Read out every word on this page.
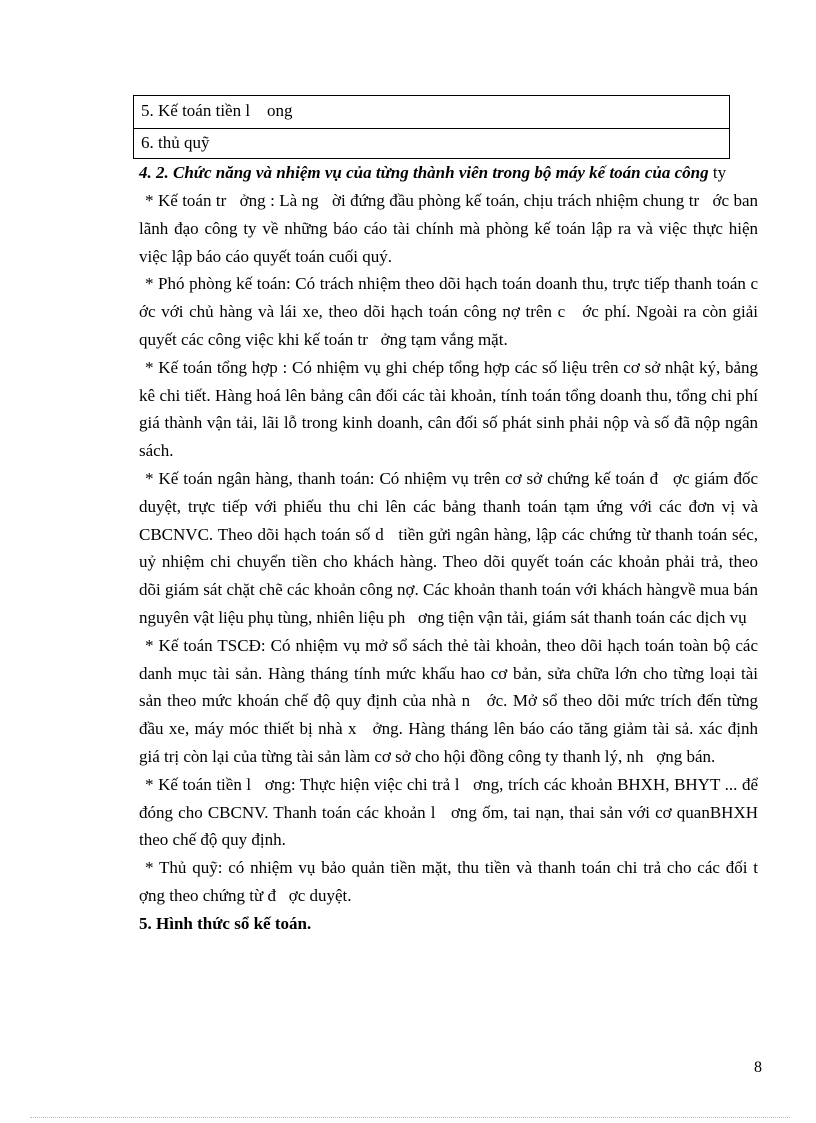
5. Kế toán tiền l    ong
6. thủ quỹ

4. 2. Chức năng và nhiệm vụ của từng thành viên trong bộ máy kế toán của công ty

* Kế toán tr   ởng : Là ng   ời đứng đầu phòng kế toán, chịu trách nhiệm chung tr   ớc ban lãnh đạo công ty về những báo cáo tài chính mà phòng kế toán lập ra và việc thực hiện việc lập báo cáo quyết toán cuối quý.

* Phó phòng kế toán: Có trách nhiệm theo dõi hạch toán doanh thu, trực tiếp thanh toán c   ớc với chủ hàng và lái xe, theo dõi hạch toán công nợ trên c   ớc phí. Ngoài ra còn giải quyết các công việc khi kế toán tr   ởng tạm vắng mặt.

* Kế toán tổng hợp : Có nhiệm vụ ghi chép tổng hợp các số liệu trên cơ sở nhật ký, bảng kê chi tiết. Hàng hoá lên bảng cân đối các tài khoản, tính toán tổng doanh thu, tổng chi phí giá thành vận tải, lãi lỗ trong kinh doanh, cân đối số phát sinh phải nộp và số đã nộp ngân sách.

* Kế toán ngân hàng, thanh toán: Có nhiệm vụ trên cơ sở chứng kế toán đ   ợc giám đốc duyệt, trực tiếp với phiếu thu chi lên các bảng thanh toán tạm ứng với các đơn vị và CBCNVC. Theo dõi hạch toán số d   tiền gửi ngân hàng, lập các chứng từ thanh toán séc, uỷ nhiệm chi chuyển tiền cho khách hàng. Theo dõi quyết toán các khoản phải trả, theo dõi giám sát chặt chẽ các khoản công nợ. Các khoản thanh toán với khách hàngvề mua bán nguyên vật liệu phụ tùng, nhiên liệu ph   ơng tiện vận tải, giám sát thanh toán các dịch vụ

* Kế toán TSCĐ: Có nhiệm vụ mở sổ sách thẻ tài khoản, theo dõi hạch toán toàn bộ các danh mục tài sản. Hàng tháng tính mức khấu hao cơ bản, sửa chữa lớn cho từng loại tài sản theo mức khoán chế độ quy định của nhà n   ớc. Mở sổ theo dõi mức trích đến từng đầu xe, máy móc thiết bị nhà x   ởng. Hàng tháng lên báo cáo tăng giảm tài sả. xác định giá trị còn lại của từng tài sản làm cơ sở cho hội đồng công ty thanh lý, nh   ợng bán.

* Kế toán tiền l   ơng: Thực hiện việc chi trả l   ơng, trích các khoản BHXH, BHYT ... để đóng cho CBCNV. Thanh toán các khoản l   ơng ốm, tai nạn, thai sản với cơ quanBHXH theo chế độ quy định.

* Thủ quỹ: có nhiệm vụ bảo quản tiền mặt, thu tiền và thanh toán chi trả cho các đối t   ợng theo chứng từ đ   ợc duyệt.

5. Hình thức sổ kế toán.

8
